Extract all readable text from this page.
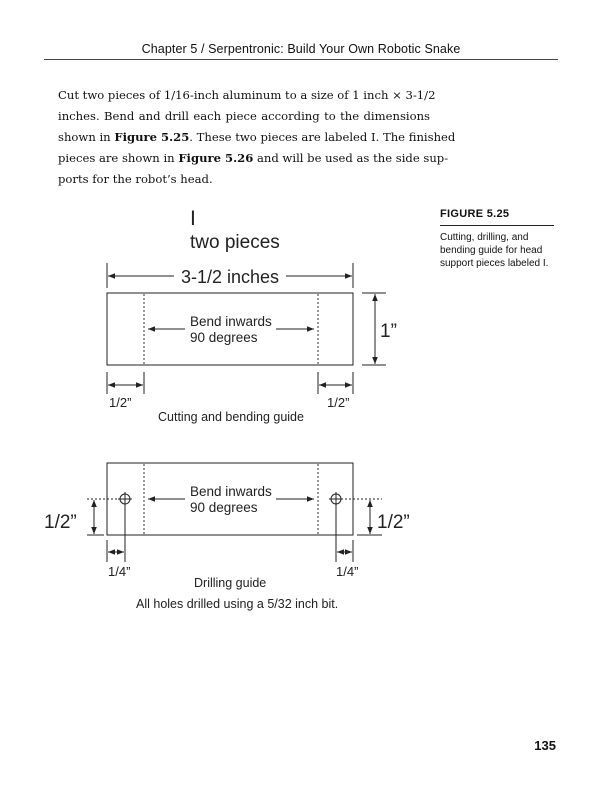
Chapter 5 / Serpentronic: Build Your Own Robotic Snake

Cut two pieces of 1/16-inch aluminum to a size of 1 inch × 3-1/2
inches. Bend and drill each piece according to the dimensions
shown in Figure 5.25. These two pieces are labeled I. The finished
pieces are shown in Figure 5.26 and will be used as the side sup-
ports for the robot’s head.

I
two pieces
3-1/2 inches
Bend inwards
90 degrees	1”
1/2”	1/2”
Cutting and bending guide
Bend inwards
90 degrees
1/2”	1/2”
1/4”	1/4”
Drilling guide
All holes drilled using a 5/32 inch bit.
FIGURE 5.25
Cutting, drilling, and bending guide for head support pieces labeled I.
135
